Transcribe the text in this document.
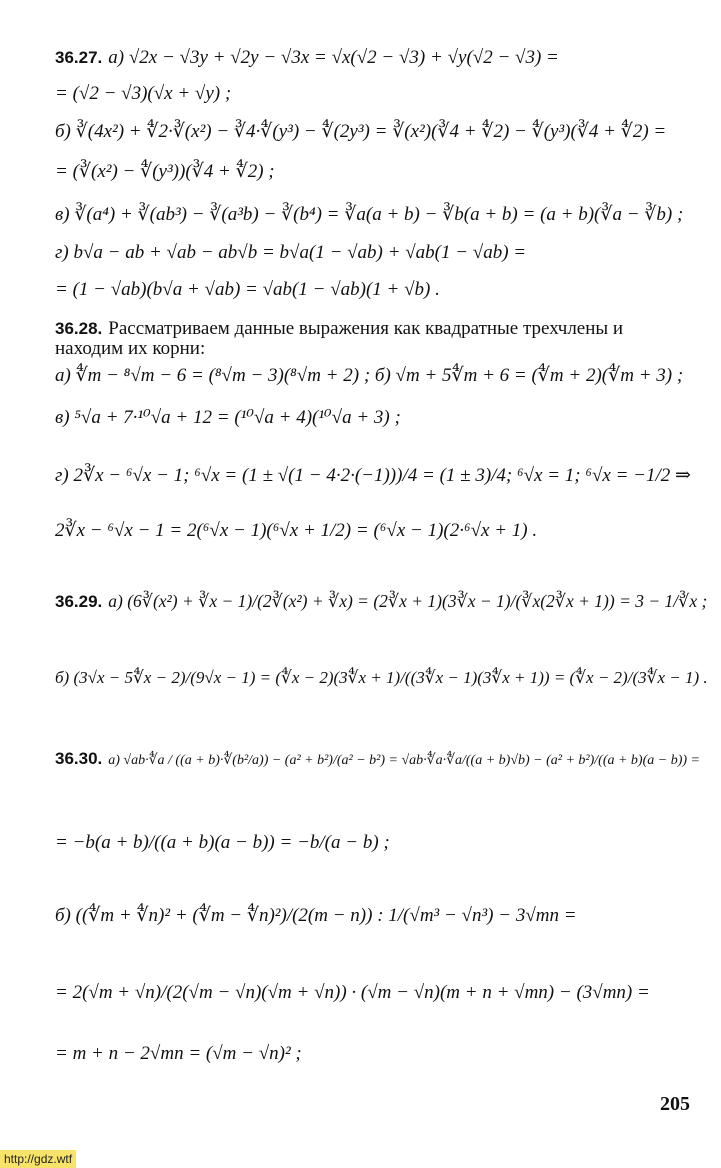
36.27. а) √2x − √3y + √2y − √3x = √x(√2 − √3) + √y(√2 − √3) =
= (√2 − √3)(√x + √y) ;
б) ∛(4x²) + ∜2·∛(x²) − ∛4·∜(y³) − ∜(2y³) = ∛(x²)(∛4 + ∜2) − ∜(y³)(∛4 + ∜2) =
= (∛(x²) − ∜(y³))(∛4 + ∜2) ;
в) ∛(a⁴) + ∛(ab³) − ∛(a³b) − ∛(b⁴) = ∛a(a + b) − ∛b(a + b) = (a + b)(∛a − ∛b) ;
г) b√a − ab + √ab − ab√b = b√a(1 − √ab) + √ab(1 − √ab) =
= (1 − √ab)(b√a + √ab) = √ab(1 − √ab)(1 + √b) .
36.28. Рассматриваем данные выражения как квадратные трехчлены и
находим их корни:
а) ∜m − ⁸√m − 6 = (⁸√m − 3)(⁸√m + 2) ; б) √m + 5∜m + 6 = (∜m + 2)(∜m + 3) ;
в) ⁵√a + 7·¹⁰√a + 12 = (¹⁰√a + 4)(¹⁰√a + 3) ;
г) 2∛x − ⁶√x − 1; ⁶√x = (1 ± √(1 − 4·2·(−1)))/4 = (1 ± 3)/4; ⁶√x = 1; ⁶√x = −1/2 ⇒
2∛x − ⁶√x − 1 = 2(⁶√x − 1)(⁶√x + 1/2) = (⁶√x − 1)(2·⁶√x + 1) .
36.29. а) (6∛(x²) + ∛x − 1)/(2∛(x²) + ∛x) = (2∛x + 1)(3∛x − 1)/(∛x(2∛x + 1)) = 3 − 1/∛x ;
б) (3√x − 5∜x − 2)/(9√x − 1) = (∜x − 2)(3∜x + 1)/((3∜x − 1)(3∜x + 1)) = (∜x − 2)/(3∜x − 1) .
36.30. а) √ab·∜a / ((a + b)·∜(b²/a)) − (a² + b²)/(a² − b²) = √ab·∜a·∜a/((a + b)√b) − (a² + b²)/((a + b)(a − b)) =
= −b(a + b)/((a + b)(a − b)) = −b/(a − b) ;
б) ((∜m + ∜n)² + (∜m − ∜n)²)/(2(m − n)) : 1/(√m³ − √n³) − 3√mn =
= 2(√m + √n)/(2(√m − √n)(√m + √n)) · (√m − √n)(m + n + √mn) − (3√mn) =
= m + n − 2√mn = (√m − √n)² ;
205
http://gdz.wtf
